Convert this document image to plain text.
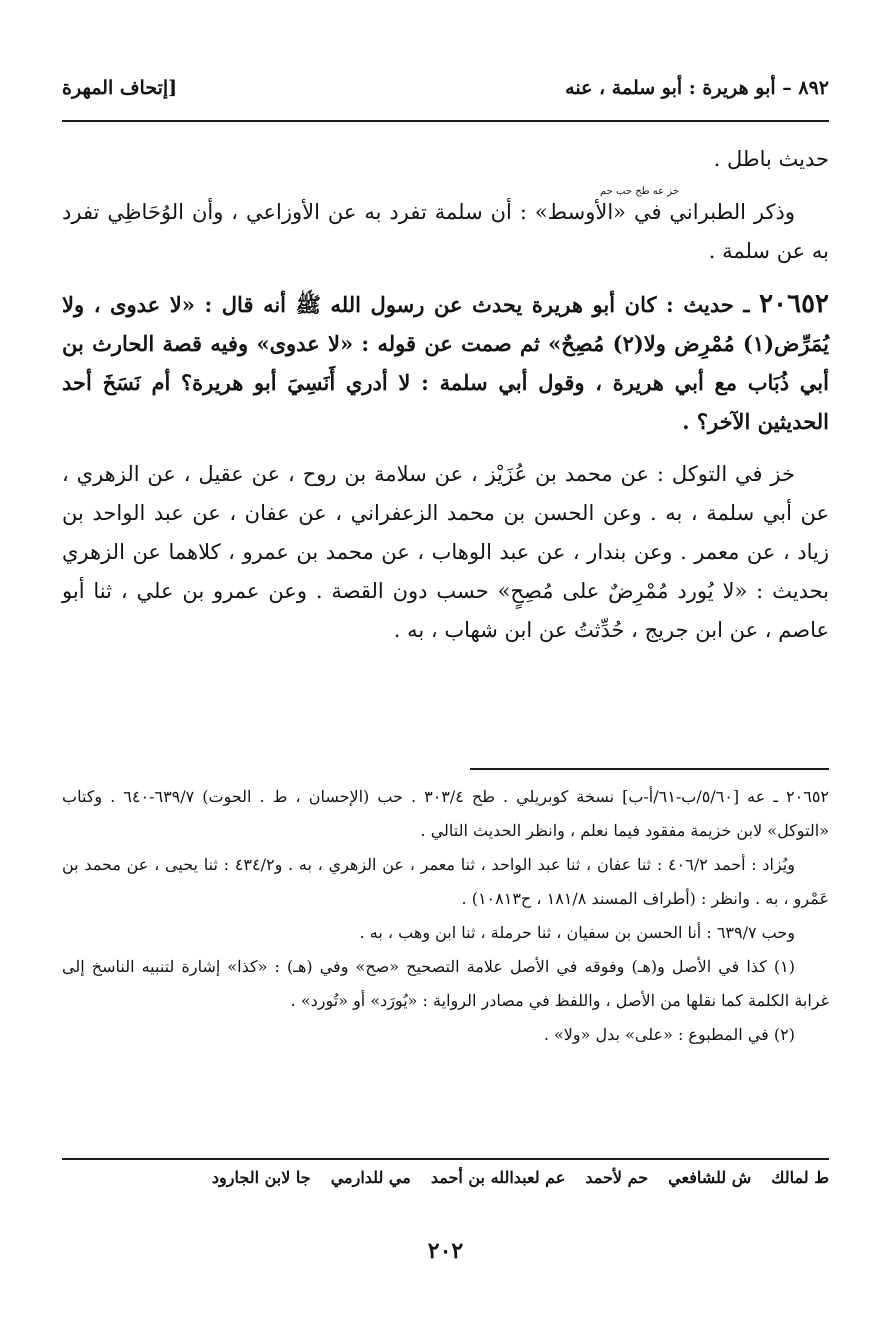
٨٩٢ – أبو هريرة : أبو سلمة ، عنه
[إتحاف المهرة

حديث باطل .

وذكر الطبراني في «الأوسط» : أن سلمة تفرد به عن الأوزاعي ، وأن الوُحَاظِي تفرد به عن سلمة .

٢٠٦٥٢ ـ حديث : كان أبو هريرة يحدث عن رسول الله ﷺ أنه قال : «لا عدوى ، ولا يُمَرِّض(١) مُمْرِض ولا(٢) مُصِحٌ» ثم صمت عن قوله : «لا عدوى» وفيه قصة الحارث بن أبي ذُبَاب مع أبي هريرة ، وقول أبي سلمة : لا أدري أَنَسِيَ أبو هريرة؟ أم نَسَخَ أحد الحديثين الآخر؟ .

خز في التوكل : عن محمد بن عُزَيْز ، عن سلامة بن روح ، عن عقيل ، عن الزهري ، عن أبي سلمة ، به . وعن الحسن بن محمد الزعفراني ، عن عفان ، عن عبد الواحد بن زياد ، عن معمر . وعن بندار ، عن عبد الوهاب ، عن محمد بن عمرو ، كلاهما عن الزهري بحديث : «لا يُورد مُمْرِضٌ على مُصِحٍ» حسب دون القصة . وعن عمرو بن علي ، ثنا أبو عاصم ، عن ابن جريج ، حُدِّثتُ عن ابن شهاب ، به .

خز عه طح حب حم

٢٠٦٥٢ ـ عه [٥/٦٠/ب-٦١/أ-ب] نسخة كوبريلي . طح ٣٠٣/٤ . حب (الإحسان ، ط . الحوت) ٦٣٩/٧-٦٤٠ . وكتاب «التوكل» لابن خزيمة مفقود فيما نعلم ، وانظر الحديث التالي .

ويُزاد : أحمد ٤٠٦/٢ : ثنا عفان ، ثنا عبد الواحد ، ثنا معمر ، عن الزهري ، به . و٤٣٤/٢ : ثنا يحيى ، عن محمد بن عَمْرو ، به . وانظر : (أطراف المسند ١٨١/٨ ، ح١٠٨١٣) .

وحب ٦٣٩/٧ : أنا الحسن بن سفيان ، ثنا حرملة ، ثنا ابن وهب ، به .

(١) كذا في الأصل و(هـ) وفوقه في الأصل علامة التصحيح «صح» وفي (هـ) : «كذا» إشارة لتنبيه الناسخ إلى غرابة الكلمة كما نقلها من الأصل ، واللفظ في مصادر الرواية : «يُورَد» أو «تُورد» .

(٢) في المطبوع : «على» بدل «ولا» .

ط لمالك
ش للشافعي
حم لأحمد
عم لعبدالله بن أحمد
مي للدارمي
جا لابن الجارود
٢٠٢
